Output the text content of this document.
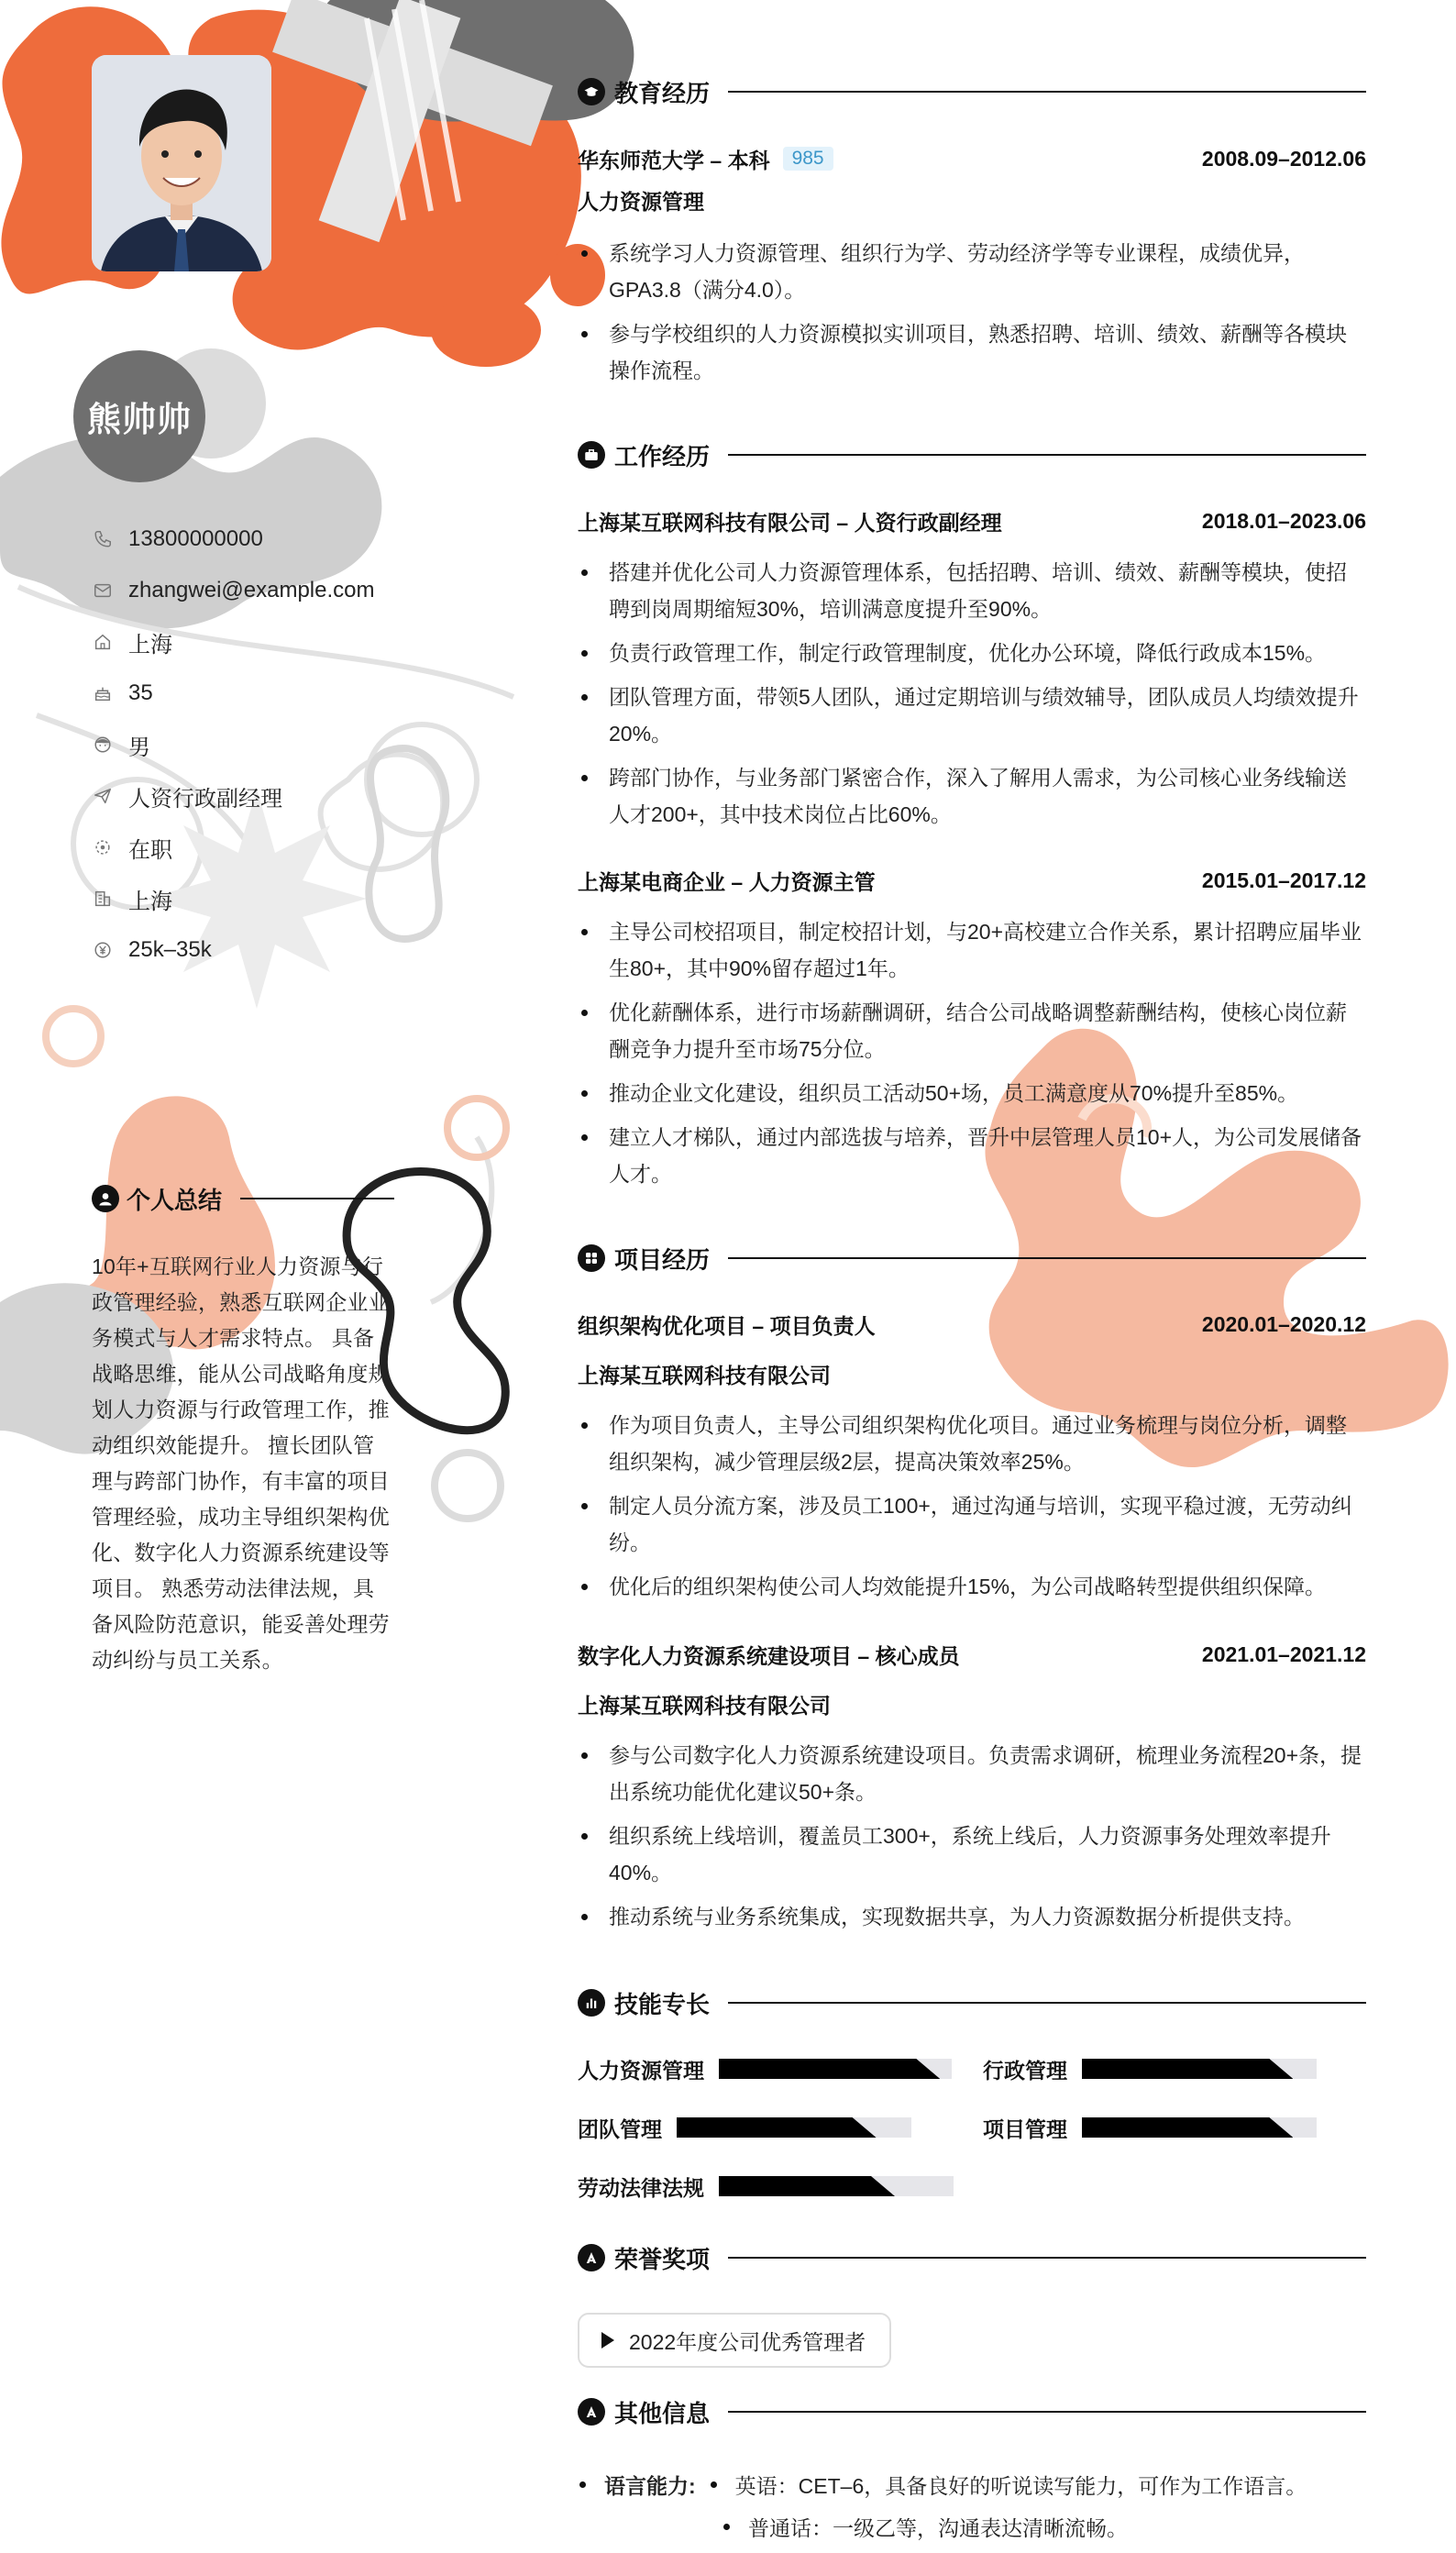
熊帅帅
13800000000
zhangwei@example.com
上海
35
男
人资行政副经理
在职
上海
25k–35k
个人总结
10年+互联网行业人力资源与行政管理经验，熟悉互联网企业业务模式与人才需求特点。 具备战略思维，能从公司战略角度规划人力资源与行政管理工作，推动组织效能提升。 擅长团队管理与跨部门协作，有丰富的项目管理经验，成功主导组织架构优化、数字化人力资源系统建设等项目。 熟悉劳动法律法规，具备风险防范意识，能妥善处理劳动纠纷与员工关系。
教育经历
华东师范大学 – 本科	985	2008.09–2012.06
人力资源管理
系统学习人力资源管理、组织行为学、劳动经济学等专业课程，成绩优异，GPA3.8（满分4.0）。
参与学校组织的人力资源模拟实训项目，熟悉招聘、培训、绩效、薪酬等各模块操作流程。
工作经历
上海某互联网科技有限公司 – 人资行政副经理	2018.01–2023.06
搭建并优化公司人力资源管理体系，包括招聘、培训、绩效、薪酬等模块，使招聘到岗周期缩短30%，培训满意度提升至90%。
负责行政管理工作，制定行政管理制度，优化办公环境，降低行政成本15%。
团队管理方面，带领5人团队，通过定期培训与绩效辅导，团队成员人均绩效提升20%。
跨部门协作，与业务部门紧密合作，深入了解用人需求，为公司核心业务线输送人才200+，其中技术岗位占比60%。
上海某电商企业 – 人力资源主管	2015.01–2017.12
主导公司校招项目，制定校招计划，与20+高校建立合作关系，累计招聘应届毕业生80+，其中90%留存超过1年。
优化薪酬体系，进行市场薪酬调研，结合公司战略调整薪酬结构，使核心岗位薪酬竞争力提升至市场75分位。
推动企业文化建设，组织员工活动50+场，员工满意度从70%提升至85%。
建立人才梯队，通过内部选拔与培养，晋升中层管理人员10+人，为公司发展储备人才。
项目经历
组织架构优化项目 – 项目负责人	2020.01–2020.12
上海某互联网科技有限公司
作为项目负责人，主导公司组织架构优化项目。通过业务梳理与岗位分析，调整组织架构，减少管理层级2层，提高决策效率25%。
制定人员分流方案，涉及员工100+，通过沟通与培训，实现平稳过渡，无劳动纠纷。
优化后的组织架构使公司人均效能提升15%，为公司战略转型提供组织保障。
数字化人力资源系统建设项目 – 核心成员	2021.01–2021.12
上海某互联网科技有限公司
参与公司数字化人力资源系统建设项目。负责需求调研，梳理业务流程20+条，提出系统功能优化建议50+条。
组织系统上线培训，覆盖员工300+，系统上线后，人力资源事务处理效率提升40%。
推动系统与业务系统集成，实现数据共享，为人力资源数据分析提供支持。
技能专长
人力资源管理	行政管理
团队管理	项目管理
劳动法律法规
荣誉奖项
2022年度公司优秀管理者
其他信息
语言能力: 英语：CET–6，具备良好的听说读写能力，可作为工作语言。
普通话：一级乙等，沟通表达清晰流畅。
